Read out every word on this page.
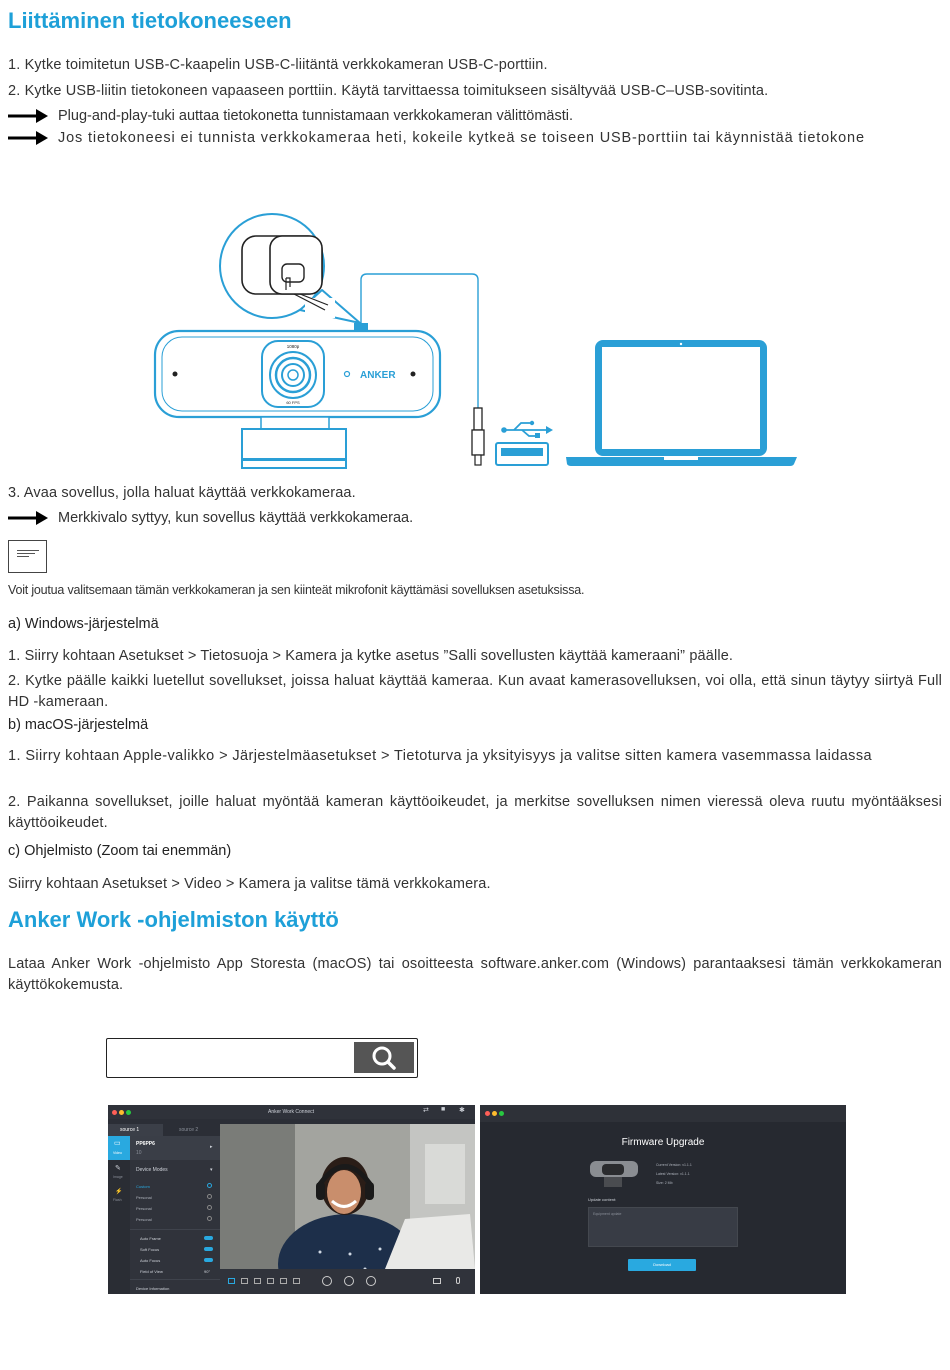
Liittäminen tietokoneeseen
1. Kytke toimitetun USB-C-kaapelin USB-C-liitäntä verkkokameran USB-C-porttiin.
2. Kytke USB-liitin tietokoneen vapaaseen porttiin. Käytä tarvittaessa toimitukseen sisältyvää USB-C–USB-sovitinta.
Plug-and-play-tuki auttaa tietokonetta tunnistamaan verkkokameran välittömästi.
Jos tietokoneesi ei tunnista verkkokameraa heti, kokeile kytkeä se toiseen USB-porttiin tai käynnistää tietokone
ANKER
1080p
60 FPS
3. Avaa sovellus, jolla haluat käyttää verkkokameraa.
Merkkivalo syttyy, kun sovellus käyttää verkkokameraa.
Voit joutua valitsemaan tämän verkkokameran ja sen kiinteät mikrofonit käyttämäsi sovelluksen asetuksissa.
a) Windows-järjestelmä
1. Siirry kohtaan Asetukset > Tietosuoja > Kamera ja kytke asetus ”Salli sovellusten käyttää kameraani” päälle.
2. Kytke päälle kaikki luetellut sovellukset, joissa haluat käyttää kameraa. Kun avaat kamerasovelluksen, voi olla, että sinun täytyy siirtyä Full HD -kameraan.
b) macOS-järjestelmä
1. Siirry kohtaan Apple-valikko > Järjestelmäasetukset > Tietoturva ja yksityisyys ja valitse sitten kamera vasemmassa laidassa
2. Paikanna sovellukset, joille haluat myöntää kameran käyttöoikeudet, ja merkitse sovelluksen nimen vieressä oleva ruutu myöntääksesi käyttöoikeudet.
c) Ohjelmisto (Zoom tai enemmän)
Siirry kohtaan Asetukset > Video > Kamera ja valitse tämä verkkokamera.
Anker Work -ohjelmiston käyttö
Lataa Anker Work -ohjelmisto App Storesta (macOS) tai osoitteesta software.anker.com (Windows) parantaaksesi tämän verkkokameran käyttökokemusta.
Anker Work Connect	⇄ ■ ✱
source 1	source 2
▭
Video
✎
Image
⚡
Flash
PP6PP6
10
▸
Device Modes	▾
Custom
Personal
Personal
Personal
Auto Frame
Soft Focus
Auto Focus
Field of View	90°
Device Information
Firmware Upgrade
Current Version: v1.1.1
Latest Version: v1.1.1
Size: 2 Mb
Update content:
Equipment update
Download
